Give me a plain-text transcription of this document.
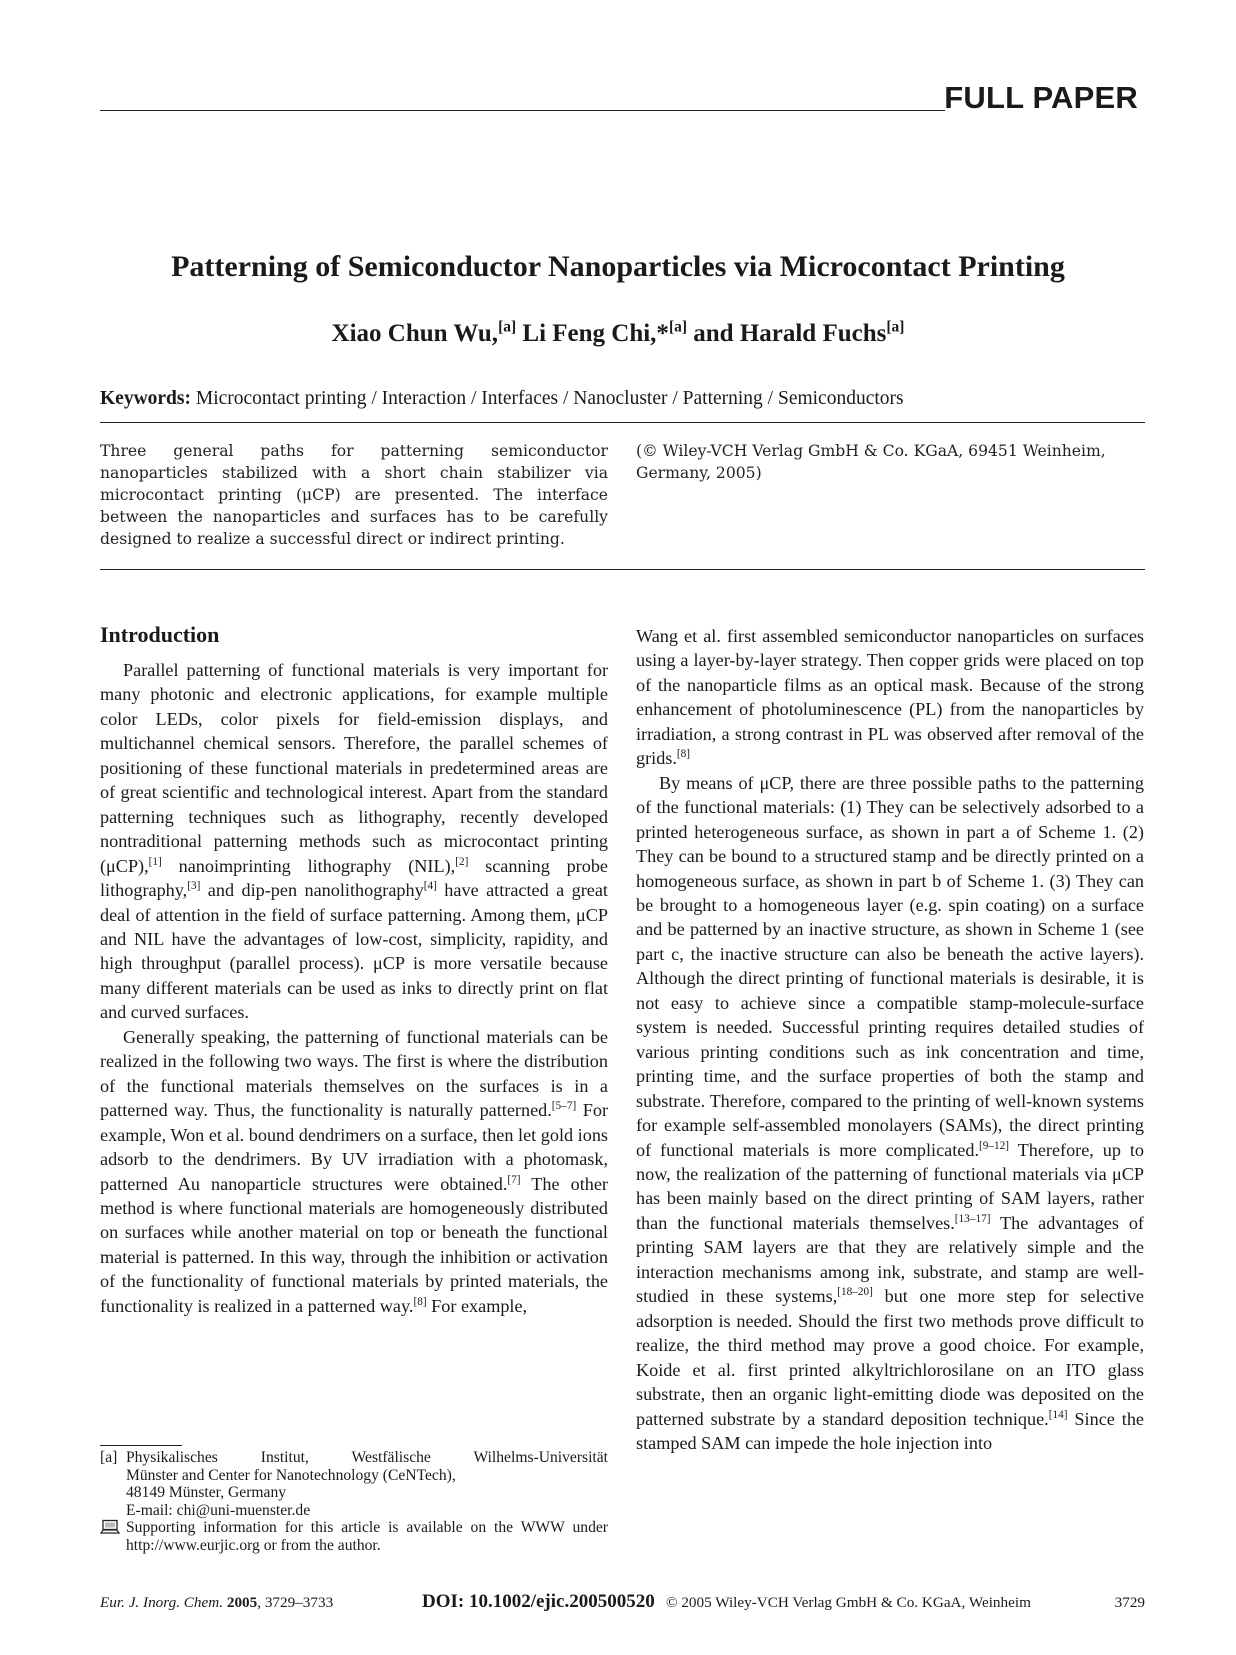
FULL PAPER
Patterning of Semiconductor Nanoparticles via Microcontact Printing
Xiao Chun Wu,[a] Li Feng Chi,*[a] and Harald Fuchs[a]
Keywords: Microcontact printing / Interaction / Interfaces / Nanocluster / Patterning / Semiconductors
Three general paths for patterning semiconductor nanoparticles stabilized with a short chain stabilizer via microcontact printing (μCP) are presented. The interface between the nanoparticles and surfaces has to be carefully designed to realize a successful direct or indirect printing.
(© Wiley-VCH Verlag GmbH & Co. KGaA, 69451 Weinheim, Germany, 2005)
Introduction

Parallel patterning of functional materials is very important for many photonic and electronic applications, for example multiple color LEDs, color pixels for field-emission displays, and multichannel chemical sensors. Therefore, the parallel schemes of positioning of these functional materials in predetermined areas are of great scientific and technological interest. Apart from the standard patterning techniques such as lithography, recently developed nontraditional patterning methods such as microcontact printing (μCP),[1] nanoimprinting lithography (NIL),[2] scanning probe lithography,[3] and dip-pen nanolithography[4] have attracted a great deal of attention in the field of surface patterning. Among them, μCP and NIL have the advantages of low-cost, simplicity, rapidity, and high throughput (parallel process). μCP is more versatile because many different materials can be used as inks to directly print on flat and curved surfaces.

Generally speaking, the patterning of functional materials can be realized in the following two ways. The first is where the distribution of the functional materials themselves on the surfaces is in a patterned way. Thus, the functionality is naturally patterned.[5–7] For example, Won et al. bound dendrimers on a surface, then let gold ions adsorb to the dendrimers. By UV irradiation with a photomask, patterned Au nanoparticle structures were obtained.[7] The other method is where functional materials are homogeneously distributed on surfaces while another material on top or beneath the functional material is patterned. In this way, through the inhibition or activation of the functionality of functional materials by printed materials, the functionality is realized in a patterned way.[8] For example,

Wang et al. first assembled semiconductor nanoparticles on surfaces using a layer-by-layer strategy. Then copper grids were placed on top of the nanoparticle films as an optical mask. Because of the strong enhancement of photoluminescence (PL) from the nanoparticles by irradiation, a strong contrast in PL was observed after removal of the grids.[8]

By means of μCP, there are three possible paths to the patterning of the functional materials: (1) They can be selectively adsorbed to a printed heterogeneous surface, as shown in part a of Scheme 1. (2) They can be bound to a structured stamp and be directly printed on a homogeneous surface, as shown in part b of Scheme 1. (3) They can be brought to a homogeneous layer (e.g. spin coating) on a surface and be patterned by an inactive structure, as shown in Scheme 1 (see part c, the inactive structure can also be beneath the active layers). Although the direct printing of functional materials is desirable, it is not easy to achieve since a compatible stamp-molecule-surface system is needed. Successful printing requires detailed studies of various printing conditions such as ink concentration and time, printing time, and the surface properties of both the stamp and substrate. Therefore, compared to the printing of well-known systems for example self-assembled monolayers (SAMs), the direct printing of functional materials is more complicated.[9–12] Therefore, up to now, the realization of the patterning of functional materials via μCP has been mainly based on the direct printing of SAM layers, rather than the functional materials themselves.[13–17] The advantages of printing SAM layers are that they are relatively simple and the interaction mechanisms among ink, substrate, and stamp are well-studied in these systems,[18–20] but one more step for selective adsorption is needed. Should the first two methods prove difficult to realize, the third method may prove a good choice. For example, Koide et al. first printed alkyltrichlorosilane on an ITO glass substrate, then an organic light-emitting diode was deposited on the patterned substrate by a standard deposition technique.[14] Since the stamped SAM can impede the hole injection into

[a] Physikalisches Institut, Westfälische Wilhelms-Universität
Münster and Center for Nanotechnology (CeNTech),
48149 Münster, Germany
E-mail: chi@uni-muenster.de
Supporting information for this article is available on the WWW under http://www.eurjic.org or from the author.
Eur. J. Inorg. Chem. 2005, 3729–3733	DOI: 10.1002/ejic.200500520 © 2005 Wiley-VCH Verlag GmbH & Co. KGaA, Weinheim	3729
